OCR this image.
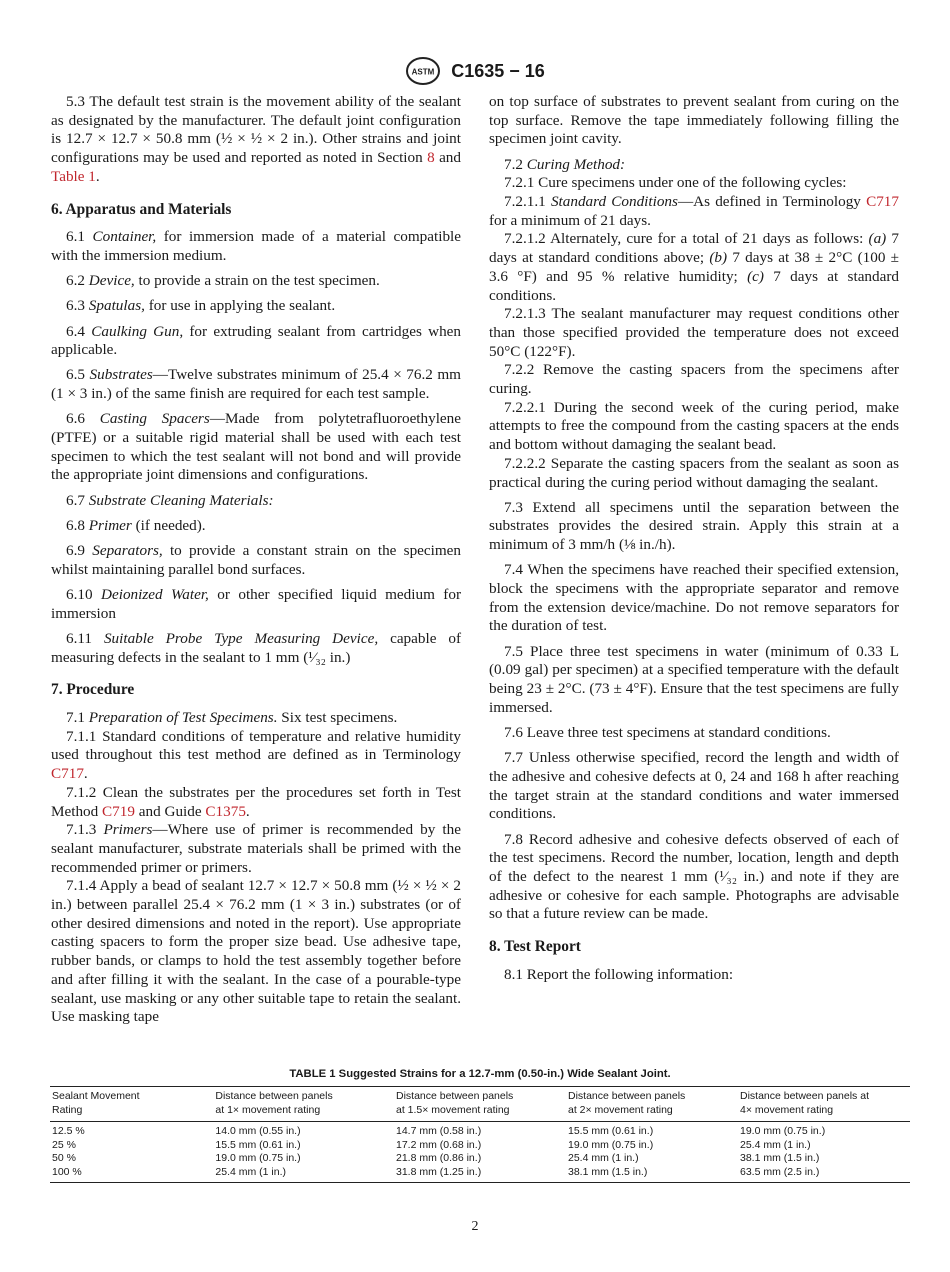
ASTM C1635 − 16

5.3 The default test strain is the movement ability of the sealant as designated by the manufacturer. The default joint configuration is 12.7 × 12.7 × 50.8 mm (½ × ½ × 2 in.). Other strains and joint configurations may be used and reported as noted in Section 8 and Table 1.

6. Apparatus and Materials

6.1 Container, for immersion made of a material compatible with the immersion medium.

6.2 Device, to provide a strain on the test specimen.

6.3 Spatulas, for use in applying the sealant.

6.4 Caulking Gun, for extruding sealant from cartridges when applicable.

6.5 Substrates—Twelve substrates minimum of 25.4 × 76.2 mm (1 × 3 in.) of the same finish are required for each test sample.

6.6 Casting Spacers—Made from polytetrafluoroethylene (PTFE) or a suitable rigid material shall be used with each test specimen to which the test sealant will not bond and will provide the appropriate joint dimensions and configurations.

6.7 Substrate Cleaning Materials:

6.8 Primer (if needed).

6.9 Separators, to provide a constant strain on the specimen whilst maintaining parallel bond surfaces.

6.10 Deionized Water, or other specified liquid medium for immersion

6.11 Suitable Probe Type Measuring Device, capable of measuring defects in the sealant to 1 mm (¹⁄₃₂ in.)

7. Procedure

7.1 Preparation of Test Specimens. Six test specimens.

7.1.1 Standard conditions of temperature and relative humidity used throughout this test method are defined as in Terminology C717.

7.1.2 Clean the substrates per the procedures set forth in Test Method C719 and Guide C1375.

7.1.3 Primers—Where use of primer is recommended by the sealant manufacturer, substrate materials shall be primed with the recommended primer or primers.

7.1.4 Apply a bead of sealant 12.7 × 12.7 × 50.8 mm (½ × ½ × 2 in.) between parallel 25.4 × 76.2 mm (1 × 3 in.) substrates (or of other desired dimensions and noted in the report). Use appropriate casting spacers to form the proper size bead. Use adhesive tape, rubber bands, or clamps to hold the test assembly together before and after filling it with the sealant. In the case of a pourable-type sealant, use masking or any other suitable tape to retain the sealant. Use masking tape

on top surface of substrates to prevent sealant from curing on the top surface. Remove the tape immediately following filling the specimen joint cavity.

7.2 Curing Method:

7.2.1 Cure specimens under one of the following cycles:

7.2.1.1 Standard Conditions—As defined in Terminology C717 for a minimum of 21 days.

7.2.1.2 Alternately, cure for a total of 21 days as follows: (a) 7 days at standard conditions above; (b) 7 days at 38 ± 2°C (100 ± 3.6 °F) and 95 % relative humidity; (c) 7 days at standard conditions.

7.2.1.3 The sealant manufacturer may request conditions other than those specified provided the temperature does not exceed 50°C (122°F).

7.2.2 Remove the casting spacers from the specimens after curing.

7.2.2.1 During the second week of the curing period, make attempts to free the compound from the casting spacers at the ends and bottom without damaging the sealant bead.

7.2.2.2 Separate the casting spacers from the sealant as soon as practical during the curing period without damaging the sealant.

7.3 Extend all specimens until the separation between the substrates provides the desired strain. Apply this strain at a minimum of 3 mm/h (⅛ in./h).

7.4 When the specimens have reached their specified extension, block the specimens with the appropriate separator and remove from the extension device/machine. Do not remove separators for the duration of test.

7.5 Place three test specimens in water (minimum of 0.33 L (0.09 gal) per specimen) at a specified temperature with the default being 23 ± 2°C. (73 ± 4°F). Ensure that the test specimens are fully immersed.

7.6 Leave three test specimens at standard conditions.

7.7 Unless otherwise specified, record the length and width of the adhesive and cohesive defects at 0, 24 and 168 h after reaching the target strain at the standard conditions and water immersed conditions.

7.8 Record adhesive and cohesive defects observed of each of the test specimens. Record the number, location, length and depth of the defect to the nearest 1 mm (¹⁄₃₂ in.) and note if they are adhesive or cohesive for each sample. Photographs are advisable so that a future review can be made.

8. Test Report

8.1 Report the following information:

TABLE 1 Suggested Strains for a 12.7-mm (0.50-in.) Wide Sealant Joint.
Sealant Movement
Rating	Distance between panels
at 1× movement rating	Distance between panels
at 1.5× movement rating	Distance between panels
at 2× movement rating	Distance between panels at
4× movement rating
12.5 %	14.0 mm (0.55 in.)	14.7 mm (0.58 in.)	15.5 mm (0.61 in.)	19.0 mm (0.75 in.)
25 %	15.5 mm (0.61 in.)	17.2 mm (0.68 in.)	19.0 mm (0.75 in.)	25.4 mm (1 in.)
50 %	19.0 mm (0.75 in.)	21.8 mm (0.86 in.)	25.4 mm (1 in.)	38.1 mm (1.5 in.)
100 %	25.4 mm (1 in.)	31.8 mm (1.25 in.)	38.1 mm (1.5 in.)	63.5 mm (2.5 in.)
2
